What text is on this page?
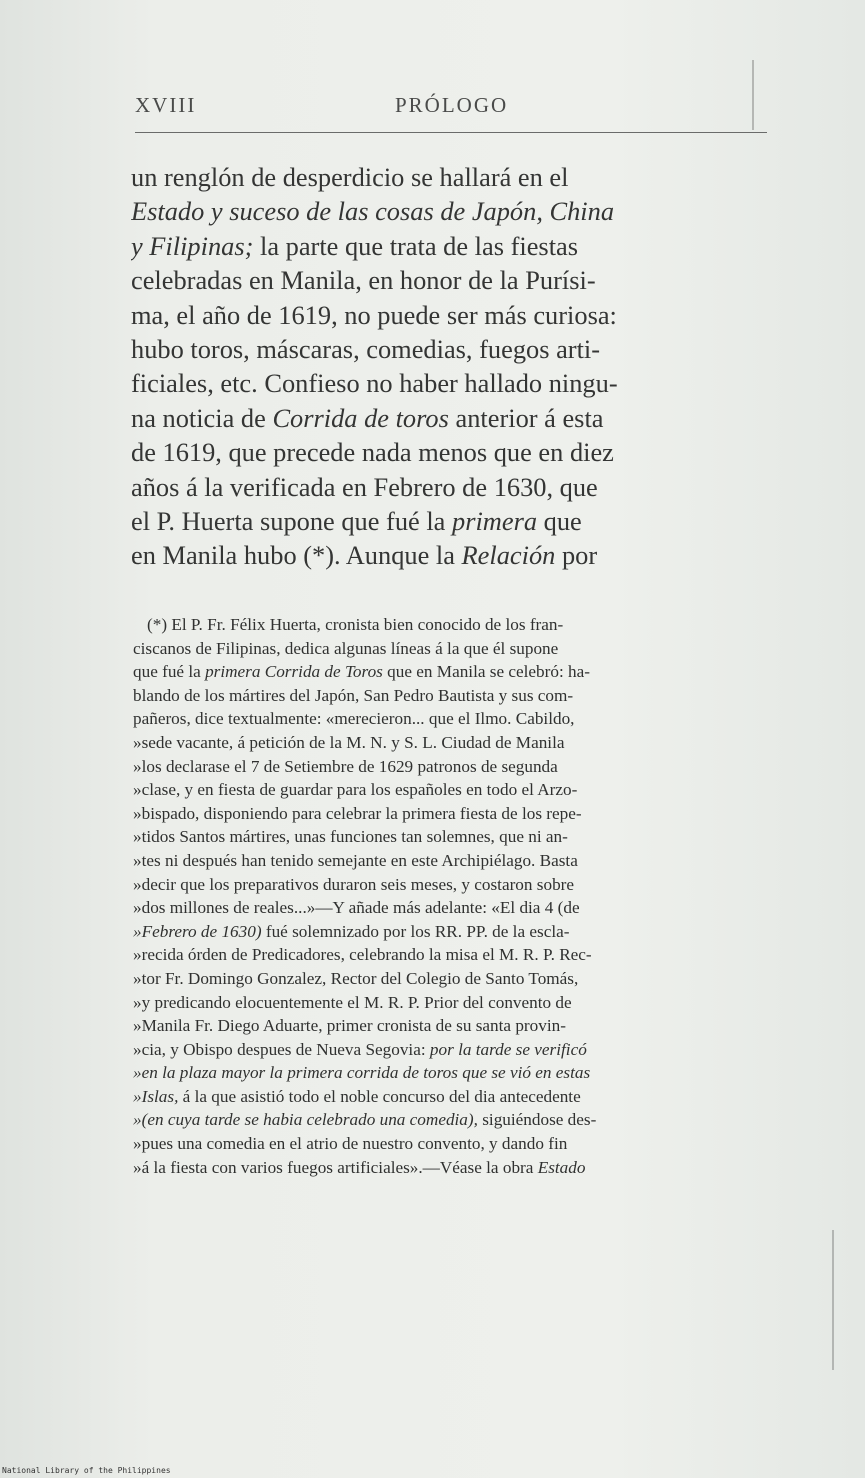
XVIII	PRÓLOGO
un renglón de desperdicio se hallará en el
Estado y suceso de las cosas de Japón, China
y Filipinas; la parte que trata de las fiestas
celebradas en Manila, en honor de la Purísi-
ma, el año de 1619, no puede ser más curiosa:
hubo toros, máscaras, comedias, fuegos arti-
ficiales, etc. Confieso no haber hallado ningu-
na noticia de Corrida de toros anterior á esta
de 1619, que precede nada menos que en diez
años á la verificada en Febrero de 1630, que
el P. Huerta supone que fué la primera que
en Manila hubo (*). Aunque la Relación por
(*) El P. Fr. Félix Huerta, cronista bien conocido de los fran-
ciscanos de Filipinas, dedica algunas líneas á la que él supone
que fué la primera Corrida de Toros que en Manila se celebró: ha-
blando de los mártires del Japón, San Pedro Bautista y sus com-
pañeros, dice textualmente: «merecieron... que el Ilmo. Cabildo,
»sede vacante, á petición de la M. N. y S. L. Ciudad de Manila
»los declarase el 7 de Setiembre de 1629 patronos de segunda
»clase, y en fiesta de guardar para los españoles en todo el Arzo-
»bispado, disponiendo para celebrar la primera fiesta de los repe-
»tidos Santos mártires, unas funciones tan solemnes, que ni an-
»tes ni después han tenido semejante en este Archipiélago. Basta
»decir que los preparativos duraron seis meses, y costaron sobre
»dos millones de reales...»—Y añade más adelante: «El dia 4 (de
»Febrero de 1630) fué solemnizado por los RR. PP. de la escla-
»recida órden de Predicadores, celebrando la misa el M. R. P. Rec-
»tor Fr. Domingo Gonzalez, Rector del Colegio de Santo Tomás,
»y predicando elocuentemente el M. R. P. Prior del convento de
»Manila Fr. Diego Aduarte, primer cronista de su santa provin-
»cia, y Obispo despues de Nueva Segovia: por la tarde se verificó
»en la plaza mayor la primera corrida de toros que se vió en estas
»Islas, á la que asistió todo el noble concurso del dia antecedente
»(en cuya tarde se habia celebrado una comedia), siguiéndose des-
»pues una comedia en el atrio de nuestro convento, y dando fin
»á la fiesta con varios fuegos artificiales».—Véase la obra Estado
National Library of the Philippines
